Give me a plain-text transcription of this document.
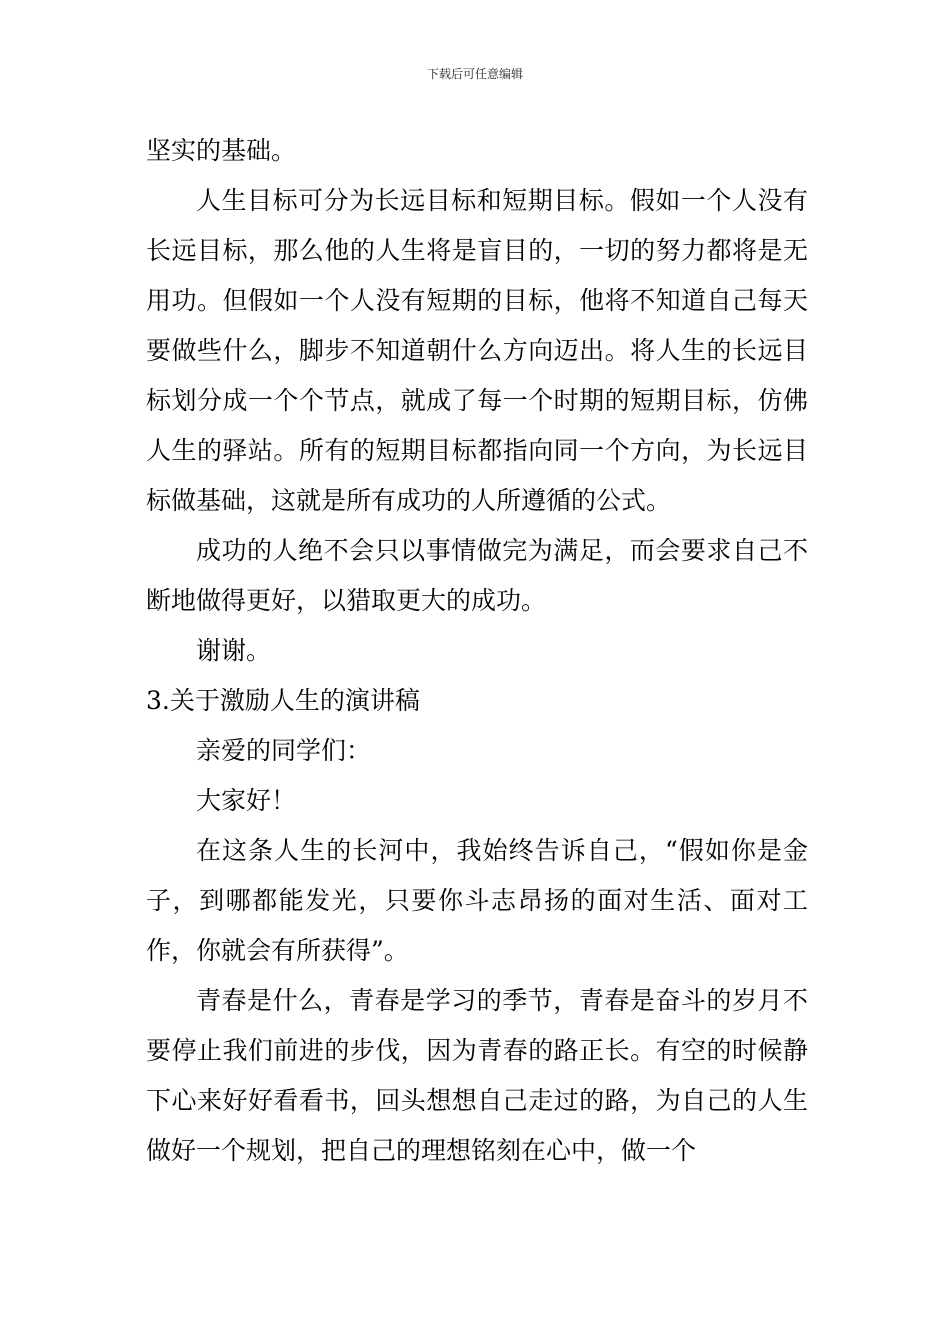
下载后可任意编辑

坚实的基础。

人生目标可分为长远目标和短期目标。假如一个人没有长远目标，那么他的人生将是盲目的，一切的努力都将是无用功。但假如一个人没有短期的目标，他将不知道自己每天要做些什么，脚步不知道朝什么方向迈出。将人生的长远目标划分成一个个节点，就成了每一个时期的短期目标，仿佛人生的驿站。所有的短期目标都指向同一个方向，为长远目标做基础，这就是所有成功的人所遵循的公式。

成功的人绝不会只以事情做完为满足，而会要求自己不断地做得更好，以猎取更大的成功。

谢谢。

3.关于激励人生的演讲稿

亲爱的同学们：

大家好！

在这条人生的长河中，我始终告诉自己，“假如你是金子，到哪都能发光，只要你斗志昂扬的面对生活、面对工作，你就会有所获得”。

青春是什么，青春是学习的季节，青春是奋斗的岁月不要停止我们前进的步伐，因为青春的路正长。有空的时候静下心来好好看看书，回头想想自己走过的路，为自己的人生做好一个规划，把自己的理想铭刻在心中，做一个
